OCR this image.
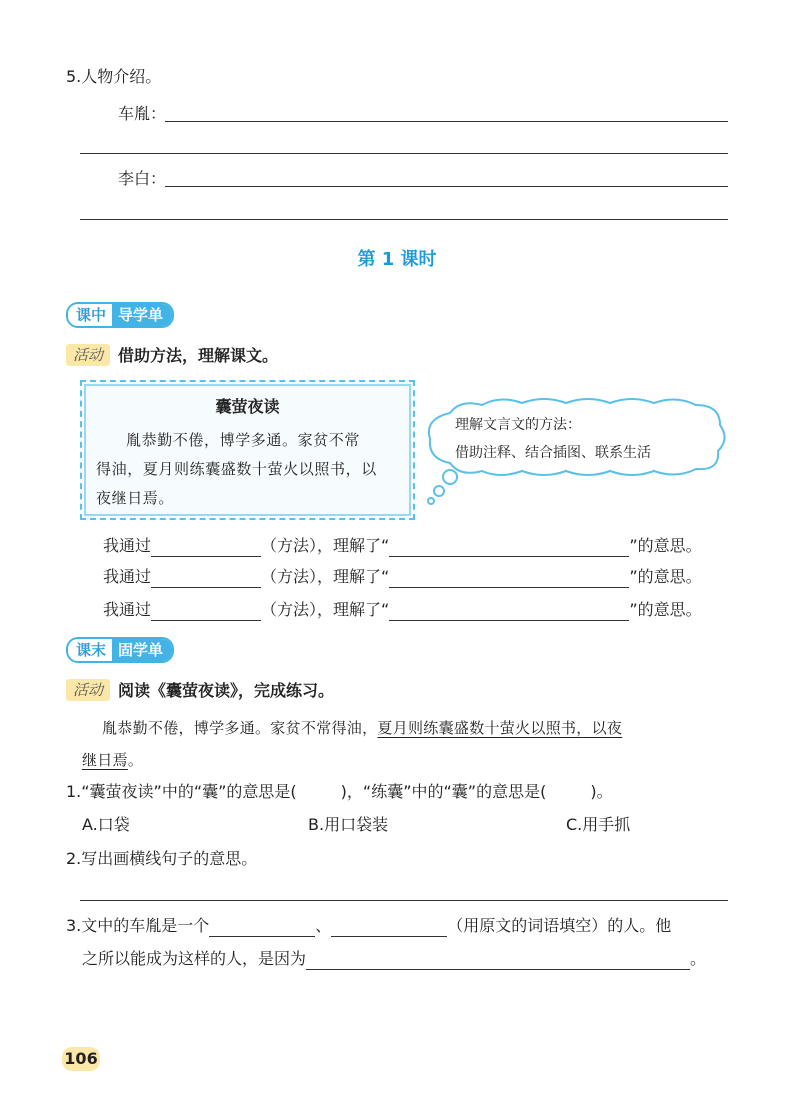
5.人物介绍。
车胤：
李白：
第 1 课时
课中 导学单
活动 借助方法，理解课文。
囊萤夜读
胤恭勤不倦，博学多通。家贫不常
得油，夏月则练囊盛数十萤火以照书，以
夜继日焉。
理解文言文的方法：
借助注释、结合插图、联系生活
我通过	（方法），理解了“	”的意思。
我通过	（方法），理解了“	”的意思。
我通过	（方法），理解了“	”的意思。
课末 固学单
活动 阅读《囊萤夜读》，完成练习。
胤恭勤不倦，博学多通。家贫不常得油，夏月则练囊盛数十萤火以照书，以夜
继日焉。
1.“囊萤夜读”中的“囊”的意思是(	)，“练囊”中的“囊”的意思是(	)。
A.口袋	B.用口袋装	C.用手抓
2.写出画横线句子的意思。
3.文中的车胤是一个	、	（用原文的词语填空）的人。他
之所以能成为这样的人，是因为	。
106
